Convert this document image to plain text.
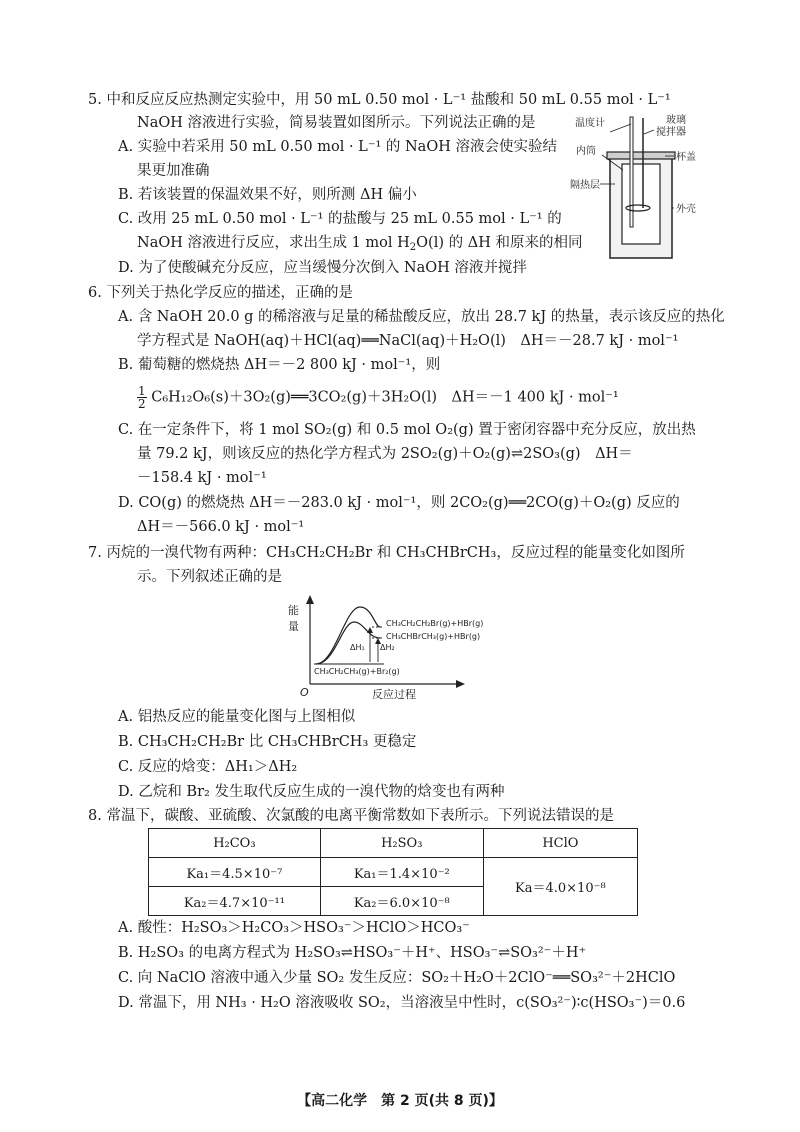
5. 中和反应反应热测定实验中，用 50 mL 0.50 mol · L⁻¹ 盐酸和 50 mL 0.55 mol · L⁻¹
NaOH 溶液进行实验，简易装置如图所示。下列说法正确的是
A. 实验中若采用 50 mL 0.50 mol · L⁻¹ 的 NaOH 溶液会使实验结
果更加准确
B. 若该装置的保温效果不好，则所测 ΔH 偏小
C. 改用 25 mL 0.50 mol · L⁻¹ 的盐酸与 25 mL 0.55 mol · L⁻¹ 的
NaOH 溶液进行反应，求出生成 1 mol $H_2O(l)$ 的 ΔH 和原来的相同
D. 为了使酸碱充分反应，应当缓慢分次倒入 NaOH 溶液并搅拌
温度计	玻璃
搅拌器
内筒
杯盖
隔热层
外壳
6. 下列关于热化学反应的描述，正确的是
A. 含 NaOH 20.0 g 的稀溶液与足量的稀盐酸反应，放出 28.7 kJ 的热量，表示该反应的热化
学方程式是 NaOH(aq)＋HCl(aq)══NaCl(aq)＋H₂O(l)　ΔH＝－28.7 kJ · mol⁻¹
B. 葡萄糖的燃烧热 ΔH＝－2 800 kJ · mol⁻¹，则
$\frac{1}{2}$ C₆H₁₂O₆(s)＋3O₂(g)══3CO₂(g)＋3H₂O(l)　ΔH＝－1 400 kJ · mol⁻¹
C. 在一定条件下，将 1 mol SO₂(g) 和 0.5 mol O₂(g) 置于密闭容器中充分反应，放出热
量 79.2 kJ，则该反应的热化学方程式为 2SO₂(g)＋O₂(g)⇌2SO₃(g)　ΔH＝
－158.4 kJ · mol⁻¹
D. CO(g) 的燃烧热 ΔH＝－283.0 kJ · mol⁻¹，则 2CO₂(g)══2CO(g)＋O₂(g) 反应的
ΔH＝－566.0 kJ · mol⁻¹
7. 丙烷的一溴代物有两种：CH₃CH₂CH₂Br 和 CH₃CHBrCH₃，反应过程的能量变化如图所
示。下列叙述正确的是
能
量
反应过程
O
ΔH₁ ΔH₂
CH₃CH₂CH₂Br(g)+HBr(g)
CH₃CHBrCH₃(g)+HBr(g)
CH₃CH₂CH₃(g)+Br₂(g)
A. 铝热反应的能量变化图与上图相似
B. CH₃CH₂CH₂Br 比 CH₃CHBrCH₃ 更稳定
C. 反应的焓变：ΔH₁＞ΔH₂
D. 乙烷和 Br₂ 发生取代反应生成的一溴代物的焓变也有两种
8. 常温下，碳酸、亚硫酸、次氯酸的电离平衡常数如下表所示。下列说法错误的是
H₂CO₃	H₂SO₃	HClO
Ka₁＝4.5×10⁻⁷	Ka₁＝1.4×10⁻²	Ka＝4.0×10⁻⁸
Ka₂＝4.7×10⁻¹¹	Ka₂＝6.0×10⁻⁸	
A. 酸性：H₂SO₃＞H₂CO₃＞HSO₃⁻＞HClO＞HCO₃⁻
B. H₂SO₃ 的电离方程式为 H₂SO₃⇌HSO₃⁻＋H⁺、HSO₃⁻⇌SO₃²⁻＋H⁺
C. 向 NaClO 溶液中通入少量 SO₂ 发生反应：SO₂＋H₂O＋2ClO⁻══SO₃²⁻＋2HClO
D. 常温下，用 NH₃ · H₂O 溶液吸收 SO₂，当溶液呈中性时，c(SO₃²⁻)∶c(HSO₃⁻)＝0.6
【高二化学　第 2 页(共 8 页)】
